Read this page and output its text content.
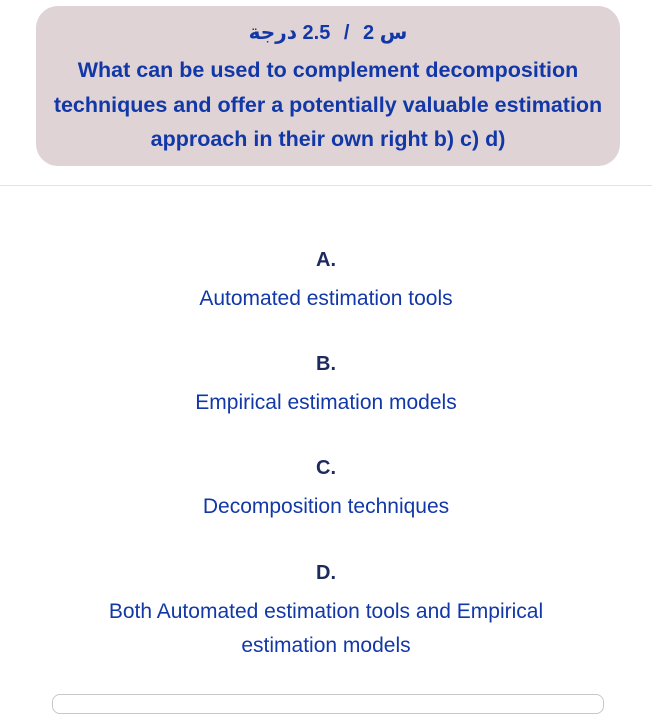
س 2 / 2.5 درجة
What can be used to complement decomposition techniques and offer a potentially valuable estimation approach in their own right b) c) d)
A.
Automated estimation tools
B.
Empirical estimation models
C.
Decomposition techniques
D.
Both Automated estimation tools and Empirical estimation models
